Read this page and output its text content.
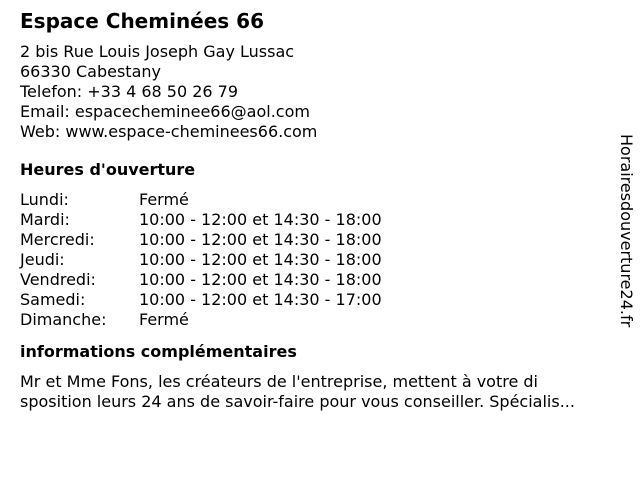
Espace Cheminées 66
2 bis Rue Louis Joseph Gay Lussac
66330 Cabestany
Telefon: +33 4 68 50 26 79
Email: espacecheminee66@aol.com
Web: www.espace-cheminees66.com
Heures d'ouverture
Lundi:	Fermé
Mardi:	10:00 - 12:00 et 14:30 - 18:00
Mercredi:	10:00 - 12:00 et 14:30 - 18:00
Jeudi:	10:00 - 12:00 et 14:30 - 18:00
Vendredi:	10:00 - 12:00 et 14:30 - 18:00
Samedi:	10:00 - 12:00 et 14:30 - 17:00
Dimanche:	Fermé
informations complémentaires
Mr et Mme Fons, les créateurs de l'entreprise, mettent à votre di
sposition leurs 24 ans de savoir-faire pour vous conseiller. Spécialis...
Horairesdouverture24.fr
